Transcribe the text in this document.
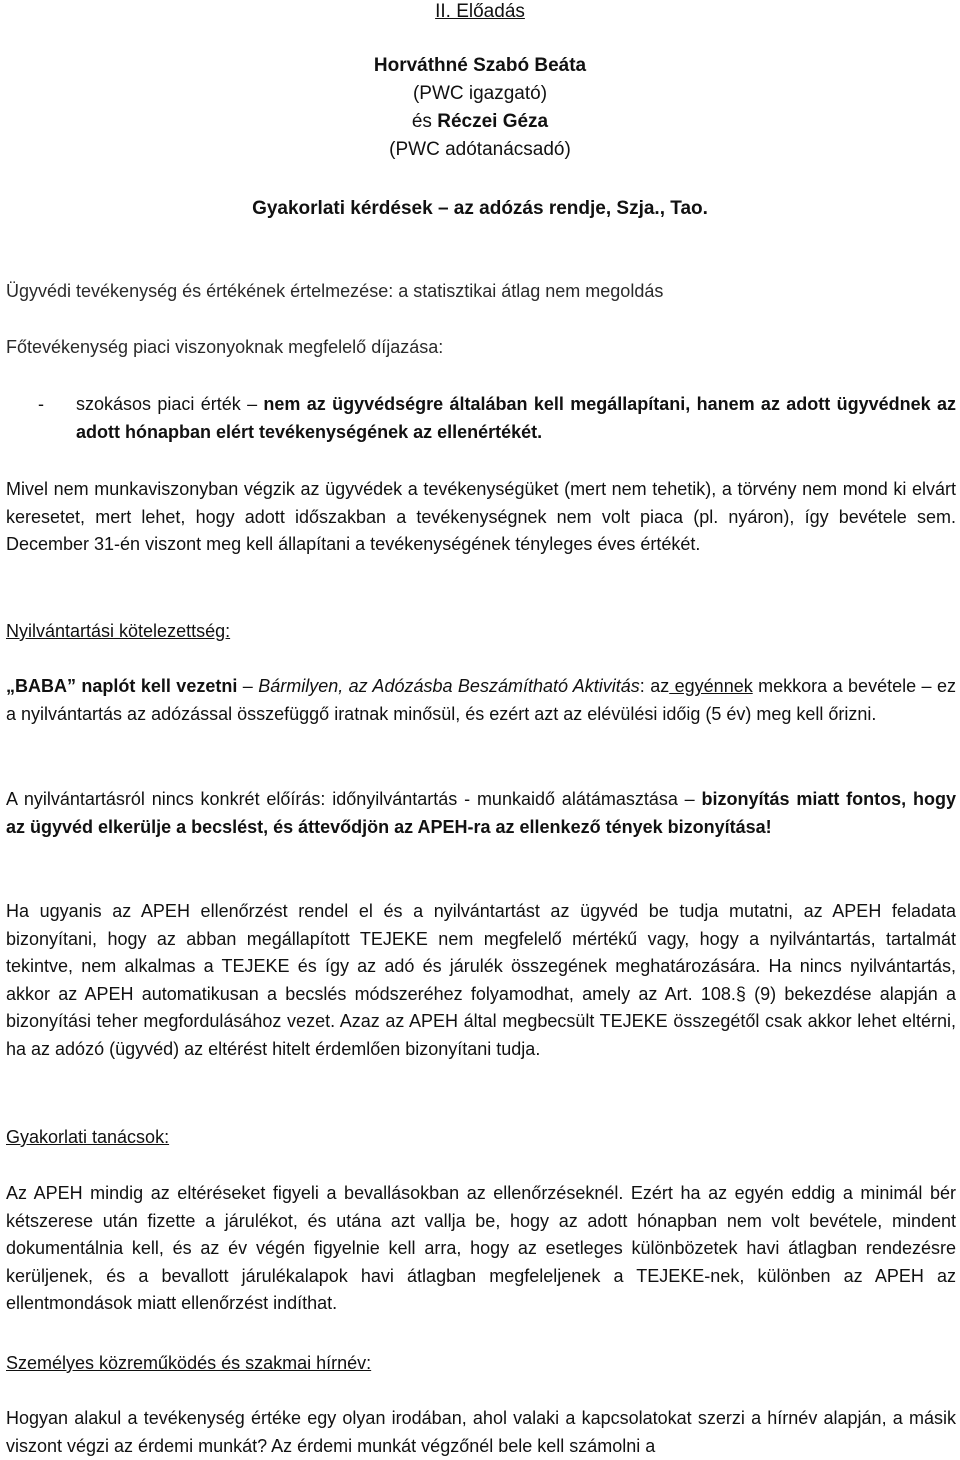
II. Előadás
Horváthné Szabó Beáta
(PWC igazgató)
és Réczei Géza
(PWC adótanácsadó)
Gyakorlati kérdések – az adózás rendje, Szja., Tao.
Ügyvédi tevékenység és értékének értelmezése: a statisztikai átlag nem megoldás
Főtevékenység piaci viszonyoknak megfelelő díjazása:
- szokásos piaci érték – nem az ügyvédségre általában kell megállapítani, hanem az adott ügyvédnek az adott hónapban elért tevékenységének az ellenértékét.
Mivel nem munkaviszonyban végzik az ügyvédek a tevékenységüket (mert nem tehetik), a törvény nem mond ki elvárt keresetet, mert lehet, hogy adott időszakban a tevékenységnek nem volt piaca (pl. nyáron), így bevétele sem. December 31-én viszont meg kell állapítani a tevékenységének tényleges éves értékét.
Nyilvántartási kötelezettség:
„BABA” naplót kell vezetni – Bármilyen, az Adózásba Beszámítható Aktivitás: az egyénnek mekkora a bevétele – ez a nyilvántartás az adózással összefüggő iratnak minősül, és ezért azt az elévülési időig (5 év) meg kell őrizni.
A nyilvántartásról nincs konkrét előírás: időnyilvántartás - munkaidő alátámasztása – bizonyítás miatt fontos, hogy az ügyvéd elkerülje a becslést, és áttevődjön az APEH-ra az ellenkező tények bizonyítása!
Ha ugyanis az APEH ellenőrzést rendel el és a nyilvántartást az ügyvéd be tudja mutatni, az APEH feladata bizonyítani, hogy az abban megállapított TEJEKE nem megfelelő mértékű vagy, hogy a nyilvántartás, tartalmát tekintve, nem alkalmas a TEJEKE és így az adó és járulék összegének meghatározására. Ha nincs nyilvántartás, akkor az APEH automatikusan a becslés módszeréhez folyamodhat, amely az Art. 108.§ (9) bekezdése alapján a bizonyítási teher megfordulásához vezet. Azaz az APEH által megbecsült TEJEKE összegétől csak akkor lehet eltérni, ha az adózó (ügyvéd) az eltérést hitelt érdemlően bizonyítani tudja.
Gyakorlati tanácsok:
Az APEH mindig az eltéréseket figyeli a bevallásokban az ellenőrzéseknél. Ezért ha az egyén eddig a minimál bér kétszerese után fizette a járulékot, és utána azt vallja be, hogy az adott hónapban nem volt bevétele, mindent dokumentálnia kell, és az év végén figyelnie kell arra, hogy az esetleges különbözetek havi átlagban rendezésre kerüljenek, és a bevallott járulékalapok havi átlagban megfeleljenek a TEJEKE-nek, különben az APEH az ellentmondások miatt ellenőrzést indíthat.
Személyes közreműködés és szakmai hírnév:
Hogyan alakul a tevékenység értéke egy olyan irodában, ahol valaki a kapcsolatokat szerzi a hírnév alapján, a másik viszont végzi az érdemi munkát? Az érdemi munkát végzőnél bele kell számolni a
